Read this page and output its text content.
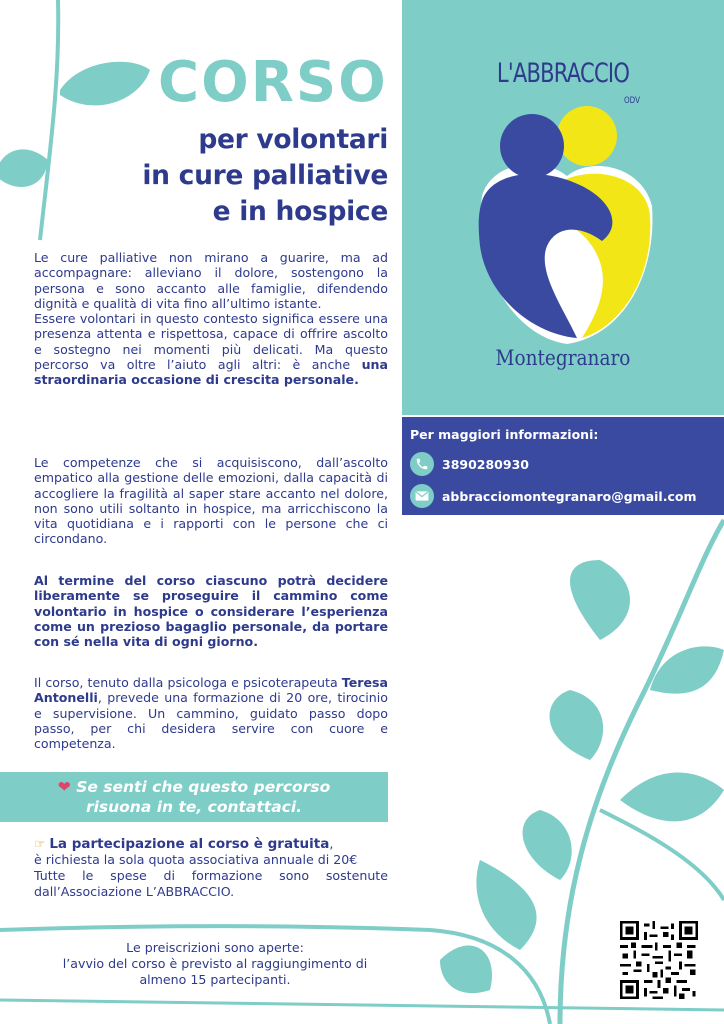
L'ABBRACCIO
ODV
Montegranaro
CORSO
per volontari
in cure palliative
e in hospice
Le cure palliative non mirano a guarire, ma ad accompagnare: alleviano il dolore, sostengono la persona e sono accanto alle famiglie, difendendo dignità e qualità di vita fino all’ultimo istante.
Essere volontari in questo contesto significa essere una presenza attenta e rispettosa, capace di offrire ascolto e sostegno nei momenti più delicati. Ma questo percorso va oltre l’aiuto agli altri: è anche una straordinaria occasione di crescita personale.
Le competenze che si acquisiscono, dall’ascolto empatico alla gestione delle emozioni, dalla capacità di accogliere la fragilità al saper stare accanto nel dolore, non sono utili soltanto in hospice, ma arricchiscono la vita quotidiana e i rapporti con le persone che ci circondano.
Al termine del corso ciascuno potrà decidere liberamente se proseguire il cammino come volontario in hospice o considerare l’esperienza come un prezioso bagaglio personale, da portare con sé nella vita di ogni giorno.
Il corso, tenuto dalla psicologa e psicoterapeuta Teresa Antonelli, prevede una formazione di 20 ore, tirocinio e supervisione. Un cammino, guidato passo dopo passo, per chi desidera servire con cuore e competenza.
❤ Se senti che questo percorso
risuona in te, contattaci.
☞ La partecipazione al corso è gratuita,
è richiesta la sola quota associativa annuale di 20€
Tutte le spese di formazione sono sostenute dall’Associazione L’ABBRACCIO.
Le preiscrizioni sono aperte:
l’avvio del corso è previsto al raggiungimento di
almeno 15 partecipanti.
Per maggiori informazioni:
3890280930
abbracciomontegranaro@gmail.com
